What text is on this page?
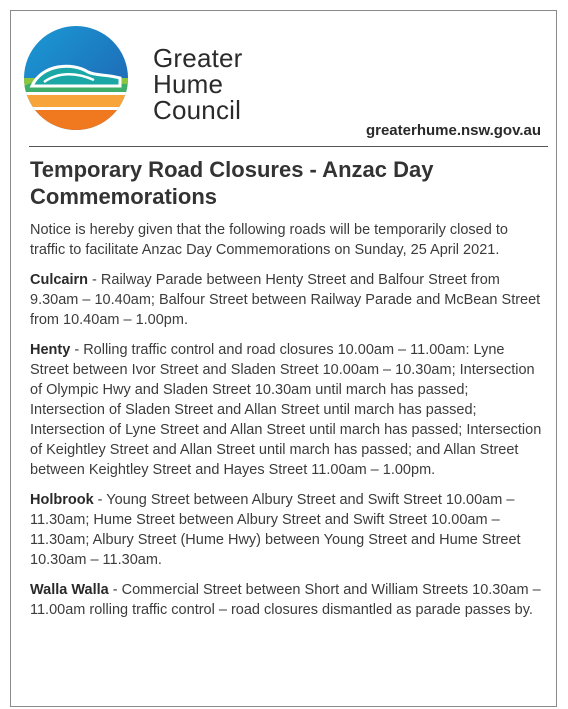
Greater
Hume
Council
greaterhume.nsw.gov.au
Temporary Road Closures - Anzac Day Commemorations

Notice is hereby given that the following roads will be temporarily closed to traffic to facilitate Anzac Day Commemorations on Sunday, 25 April 2021.

Culcairn - Railway Parade between Henty Street and Balfour Street from 9.30am – 10.40am; Balfour Street between Railway Parade and McBean Street from 10.40am – 1.00pm.

Henty - Rolling traffic control and road closures 10.00am – 11.00am: Lyne Street between Ivor Street and Sladen Street 10.00am – 10.30am; Intersection of Olympic Hwy and Sladen Street 10.30am until march has passed; Intersection of Sladen Street and Allan Street until march has passed; Intersection of Lyne Street and Allan Street until march has passed; Intersection of Keightley Street and Allan Street until march has passed; and Allan Street between Keightley Street and Hayes Street 11.00am – 1.00pm.

Holbrook - Young Street between Albury Street and Swift Street 10.00am – 11.30am; Hume Street between Albury Street and Swift Street 10.00am – 11.30am; Albury Street (Hume Hwy) between Young Street and Hume Street 10.30am – 11.30am.

Walla Walla - Commercial Street between Short and William Streets 10.30am – 11.00am rolling traffic control – road closures dismantled as parade passes by.
